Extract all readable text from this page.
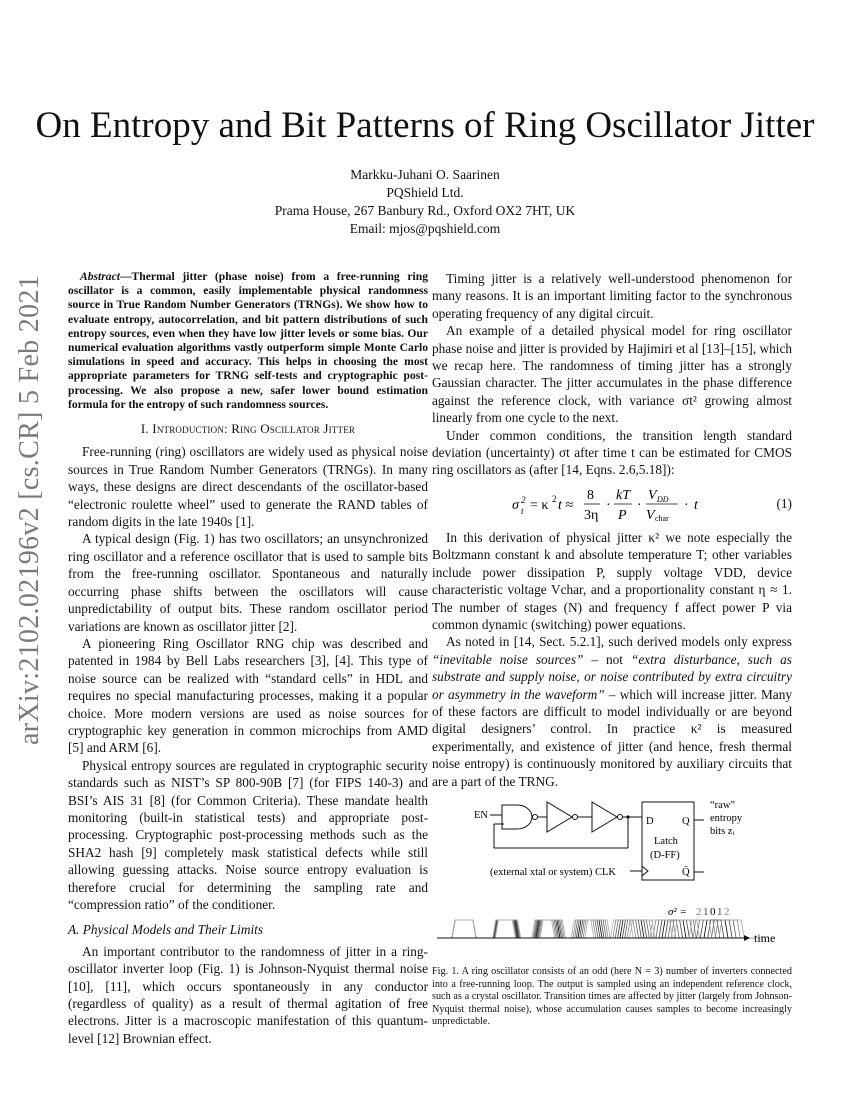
arXiv:2102.02196v2 [cs.CR] 5 Feb 2021
On Entropy and Bit Patterns of Ring Oscillator Jitter
Markku-Juhani O. Saarinen
PQShield Ltd.
Prama House, 267 Banbury Rd., Oxford OX2 7HT, UK
Email: mjos@pqshield.com

Abstract—Thermal jitter (phase noise) from a free-running ring oscillator is a common, easily implementable physical randomness source in True Random Number Generators (TRNGs). We show how to evaluate entropy, autocorrelation, and bit pattern distributions of such entropy sources, even when they have low jitter levels or some bias. Our numerical evaluation algorithms vastly outperform simple Monte Carlo simulations in speed and accuracy. This helps in choosing the most appropriate parameters for TRNG self-tests and cryptographic post-processing. We also propose a new, safer lower bound estimation formula for the entropy of such randomness sources.

I. Introduction: Ring Oscillator Jitter

Free-running (ring) oscillators are widely used as physical noise sources in True Random Number Generators (TRNGs). In many ways, these designs are direct descendants of the oscillator-based “electronic roulette wheel” used to generate the RAND tables of random digits in the late 1940s [1].

A typical design (Fig. 1) has two oscillators; an unsynchronized ring oscillator and a reference oscillator that is used to sample bits from the free-running oscillator. Spontaneous and naturally occurring phase shifts between the oscillators will cause unpredictability of output bits. These random oscillator period variations are known as oscillator jitter [2].

A pioneering Ring Oscillator RNG chip was described and patented in 1984 by Bell Labs researchers [3], [4]. This type of noise source can be realized with “standard cells” in HDL and requires no special manufacturing processes, making it a popular choice. More modern versions are used as noise sources for cryptographic key generation in common microchips from AMD [5] and ARM [6].

Physical entropy sources are regulated in cryptographic security standards such as NIST’s SP 800-90B [7] (for FIPS 140-3) and BSI’s AIS 31 [8] (for Common Criteria). These mandate health monitoring (built-in statistical tests) and appropriate post-processing. Cryptographic post-processing methods such as the SHA2 hash [9] completely mask statistical defects while still allowing guessing attacks. Noise source entropy evaluation is therefore crucial for determining the sampling rate and “compression ratio” of the conditioner.

A. Physical Models and Their Limits

An important contributor to the randomness of jitter in a ring-oscillator inverter loop (Fig. 1) is Johnson-Nyquist thermal noise [10], [11], which occurs spontaneously in any conductor (regardless of quality) as a result of thermal agitation of free electrons. Jitter is a macroscopic manifestation of this quantum-level [12] Brownian effect.

Timing jitter is a relatively well-understood phenomenon for many reasons. It is an important limiting factor to the synchronous operating frequency of any digital circuit.

An example of a detailed physical model for ring oscillator phase noise and jitter is provided by Hajimiri et al [13]–[15], which we recap here. The randomness of timing jitter has a strongly Gaussian character. The jitter accumulates in the phase difference against the reference clock, with variance σt² growing almost linearly from one cycle to the next.

Under common conditions, the transition length standard deviation (uncertainty) σt after time t can be estimated for CMOS ring oscillators as (after [14, Eqns. 2.6,5.18]):

σ 2
t = κ 2 t ≈
8
3η
·
kT
P
·
V DD
V char
· t	(1)

In this derivation of physical jitter κ² we note especially the Boltzmann constant k and absolute temperature T; other variables include power dissipation P, supply voltage VDD, device characteristic voltage Vchar, and a proportionality constant η ≈ 1. The number of stages (N) and frequency f affect power P via common dynamic (switching) power equations.

As noted in [14, Sect. 5.2.1], such derived models only express “inevitable noise sources” – not “extra disturbance, such as substrate and supply noise, or noise contributed by extra circuitry or asymmetry in the waveform” – which will increase jitter. Many of these factors are difficult to model individually or are beyond digital designers’ control. In practice κ² is measured experimentally, and existence of jitter (and hence, fresh thermal noise entropy) is continuously monitored by auxiliary circuits that are a part of the TRNG.

EN
D	Q
Latch
(D-FF)
Q̄
(external xtal or system) CLK
“raw”
entropy
bits zᵢ
σ² = 2 1 0 1 2
time
Fig. 1. A ring oscillator consists of an odd (here N = 3) number of inverters connected into a free-running loop. The output is sampled using an independent reference clock, such as a crystal oscillator. Transition times are affected by jitter (largely from Johnson-Nyquist thermal noise), whose accumulation causes samples to become increasingly unpredictable.
